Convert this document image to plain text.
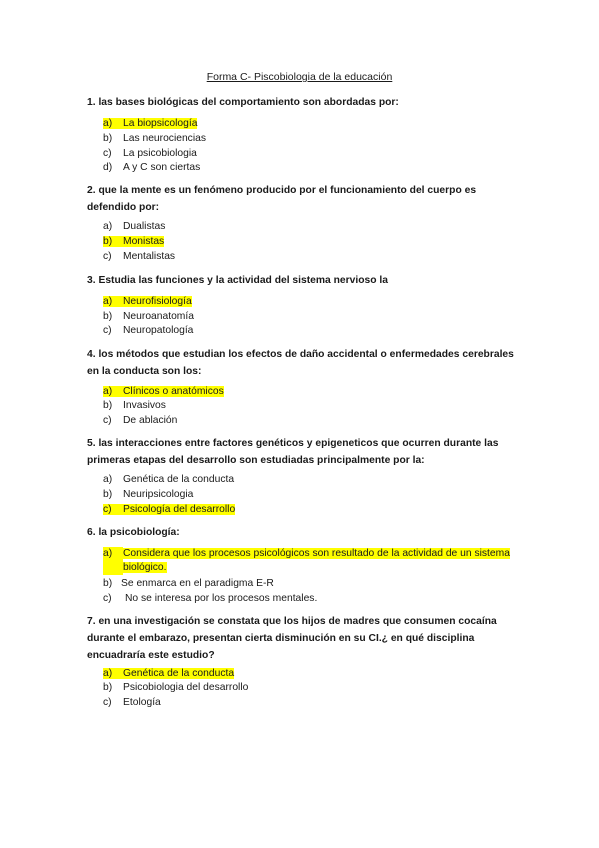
Forma C- Piscobiologia de la educación
1. las bases biológicas del comportamiento son abordadas por:
a) La biopsicología
b) Las neurociencias
c) La psicobiologia
d) A y C son ciertas
2. que la mente es un fenómeno producido por el funcionamiento del cuerpo es defendido por:
a) Dualistas
b) Monistas
c) Mentalistas
3. Estudia las funciones y la actividad del sistema nervioso la
a) Neurofisiología
b) Neuroanatomía
c) Neuropatología
4. los métodos que estudian los efectos de daño accidental o enfermedades cerebrales en la conducta son los:
a) Clínicos o anatómicos
b) Invasivos
c) De ablación
5. las interacciones entre factores genéticos y epigeneticos que ocurren durante las primeras etapas del desarrollo son estudiadas principalmente por la:
a) Genética de la conducta
b) Neuripsicologia
c) Psicología del desarrollo
6. la psicobiología:
a)	Considera que los procesos psicológicos son resultado de la actividad de un sistema biológico.
b) Se enmarca en el paradigma E-R
c) No se interesa por los procesos mentales.
7. en una investigación se constata que los hijos de madres que consumen cocaína durante el embarazo, presentan cierta disminución en su CI.¿ en qué disciplina encuadraría este estudio?
a) Genética de la conducta
b) Psicobiologia del desarrollo
c) Etología
